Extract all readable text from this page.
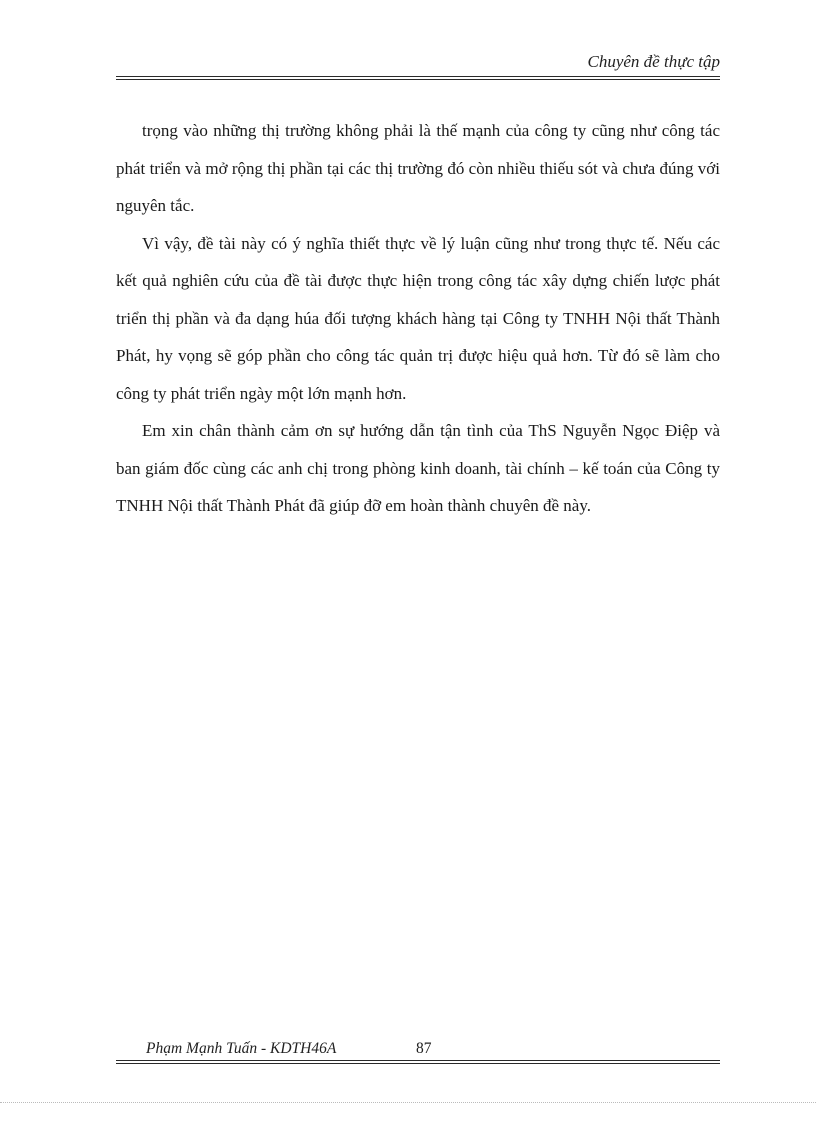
Chuyên đề thực tập

trọng vào những thị trường không phải là thế mạnh của công ty cũng như công tác phát triển và mở rộng thị phần tại các thị trường đó còn nhiều thiếu sót và chưa đúng với nguyên tắc.

Vì vậy, đề tài này có ý nghĩa thiết thực về lý luận cũng như trong thực tế. Nếu các kết quả nghiên cứu của đề tài được thực hiện trong công tác xây dựng chiến lược phát triển thị phần và đa dạng húa đối tượng khách hàng tại Công ty TNHH Nội thất Thành Phát, hy vọng sẽ góp phần cho công tác quản trị được hiệu quả hơn. Từ đó sẽ làm cho công ty phát triển ngày một lớn mạnh hơn.

Em xin chân thành cảm ơn sự hướng dẫn tận tình của ThS Nguyễn Ngọc Điệp và ban giám đốc cùng các anh chị trong phòng kinh doanh, tài chính – kế toán của Công ty TNHH Nội thất Thành Phát đã giúp đỡ em hoàn thành chuyên đề này.

Phạm Mạnh Tuấn - KDTH46A	87
